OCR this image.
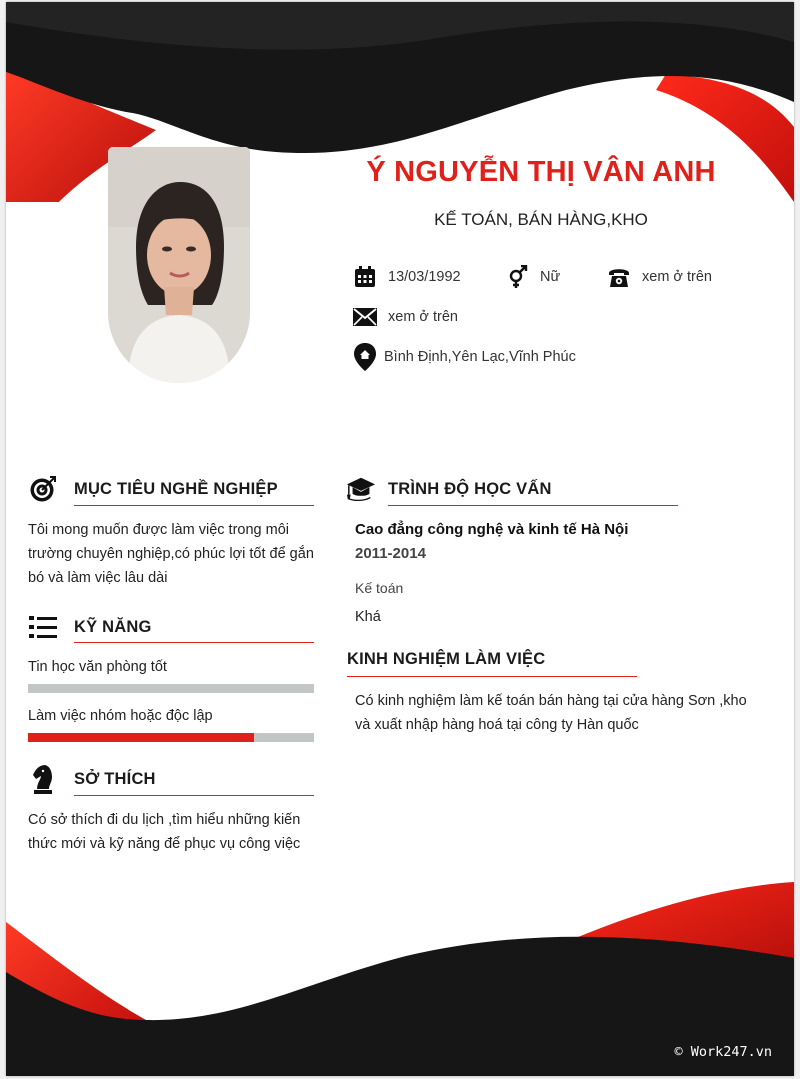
Ý NGUYỄN THỊ VÂN ANH
KẾ TOÁN, BÁN HÀNG,KHO
13/03/1992	Nữ	xem ở trên
xem ở trên
Bình Định,Yên Lạc,Vĩnh Phúc
MỤC TIÊU NGHỀ NGHIỆP
Tôi mong muốn được làm việc trong môi
trường chuyên nghiệp,có phúc lợi tốt để gắn
bó và làm việc lâu dài
KỸ NĂNG
Tin học văn phòng tốt
Làm việc nhóm hoặc độc lập
SỞ THÍCH
Có sở thích đi du lịch ,tìm hiểu những kiến
thức mới và kỹ năng để phục vụ công việc
TRÌNH ĐỘ HỌC VẤN
Cao đẳng công nghệ và kinh tế Hà Nội
2011-2014
Kế toán
Khá
KINH NGHIỆM LÀM VIỆC
Có kinh nghiệm làm kế toán bán hàng tại cửa hàng Sơn ,kho
và xuất nhập hàng hoá tại công ty Hàn quốc
© Work247.vn
